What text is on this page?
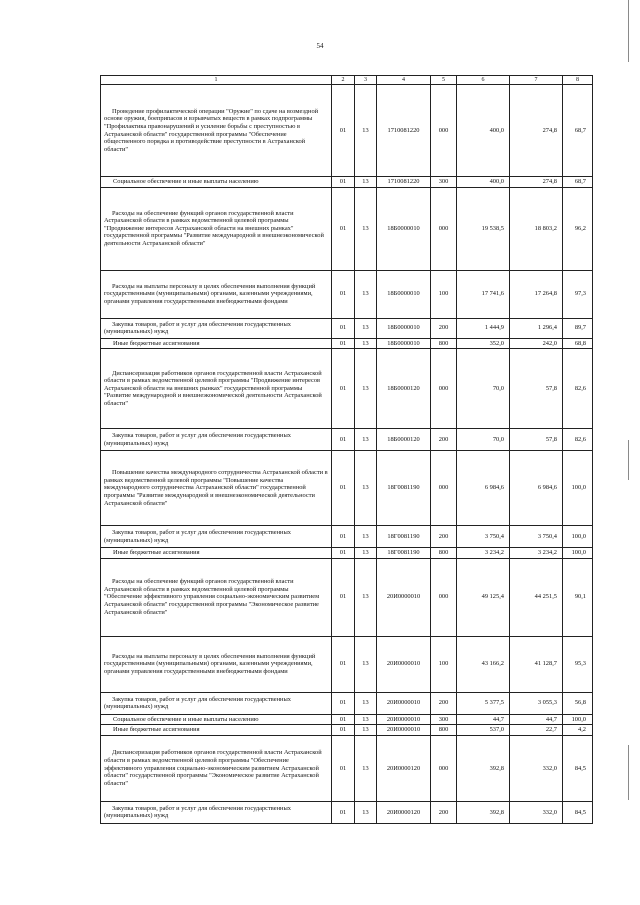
54
1	2	3	4	5	6	7	8
Проведение профилактической операции "Оружие" по сдаче на возмездной основе оружия, боеприпасов и взрывчатых веществ в рамках подпрограммы "Профилактика правонарушений и усиление борьбы с преступностью в Астраханской области" государственной программы "Обеспечение общественного порядка и противодействие преступности в Астраханской области"	01	13	1710081220	000	400,0	274,8	68,7
Социальное обеспечение и иные выплаты населению	01	13	1710081220	300	400,0	274,8	68,7
Расходы на обеспечение функций органов государственной власти Астраханской области в рамках ведомственной целевой программы "Продвижение интересов Астраханской области на внешних рынках" государственной программы "Развитие международной и внешнеэкономической деятельности Астраханской области"	01	13	18Б0000010	000	19 538,5	18 803,2	96,2
Расходы на выплаты персоналу в целях обеспечения выполнения функций государственными (муниципальными) органами, казенными учреждениями, органами управления государственными внебюджетными фондами	01	13	18Б0000010	100	17 741,6	17 264,8	97,3
Закупка товаров, работ и услуг для обеспечения государственных (муниципальных) нужд	01	13	18Б0000010	200	1 444,9	1 296,4	89,7
Иные бюджетные ассигнования	01	13	18Б0000010	800	352,0	242,0	68,8
Диспансеризация работников органов государственной власти Астраханской области в рамках ведомственной целевой программы "Продвижение интересов Астраханской области на внешних рынках" государственной программы "Развитие международной и внешнеэкономической деятельности Астраханской области"	01	13	18Б0000120	000	70,0	57,8	82,6
Закупка товаров, работ и услуг для обеспечения государственных (муниципальных) нужд	01	13	18Б0000120	200	70,0	57,8	82,6
Повышение качества международного сотрудничества Астраханской области в рамках ведомственной целевой программы "Повышение качества международного сотрудничества Астраханской области" государственной программы "Развитие международной и внешнеэкономической деятельности Астраханской области"	01	13	18Г0081190	000	6 984,6	6 984,6	100,0
Закупка товаров, работ и услуг для обеспечения государственных (муниципальных) нужд	01	13	18Г0081190	200	3 750,4	3 750,4	100,0
Иные бюджетные ассигнования	01	13	18Г0081190	800	3 234,2	3 234,2	100,0
Расходы на обеспечение функций органов государственной власти Астраханской области в рамках ведомственной целевой программы "Обеспечение эффективного управления социально-экономическим развитием Астраханской области" государственной программы "Экономическое развитие Астраханской области"	01	13	20И0000010	000	49 125,4	44 251,5	90,1
Расходы на выплаты персоналу в целях обеспечения выполнения функций государственными (муниципальными) органами, казенными учреждениями, органами управления государственными внебюджетными фондами	01	13	20И0000010	100	43 166,2	41 128,7	95,3
Закупка товаров, работ и услуг для обеспечения государственных (муниципальных) нужд	01	13	20И0000010	200	5 377,5	3 055,3	56,8
Социальное обеспечение и иные выплаты населению	01	13	20И0000010	300	44,7	44,7	100,0
Иные бюджетные ассигнования	01	13	20И0000010	800	537,0	22,7	4,2
Диспансеризация работников органов государственной власти Астраханской области в рамках ведомственной целевой программы "Обеспечение эффективного управления социально-экономическим развитием Астраханской области" государственной программы "Экономическое развитие Астраханской области"	01	13	20И0000120	000	392,8	332,0	84,5
Закупка товаров, работ и услуг для обеспечения государственных (муниципальных) нужд	01	13	20И0000120	200	392,8	332,0	84,5
